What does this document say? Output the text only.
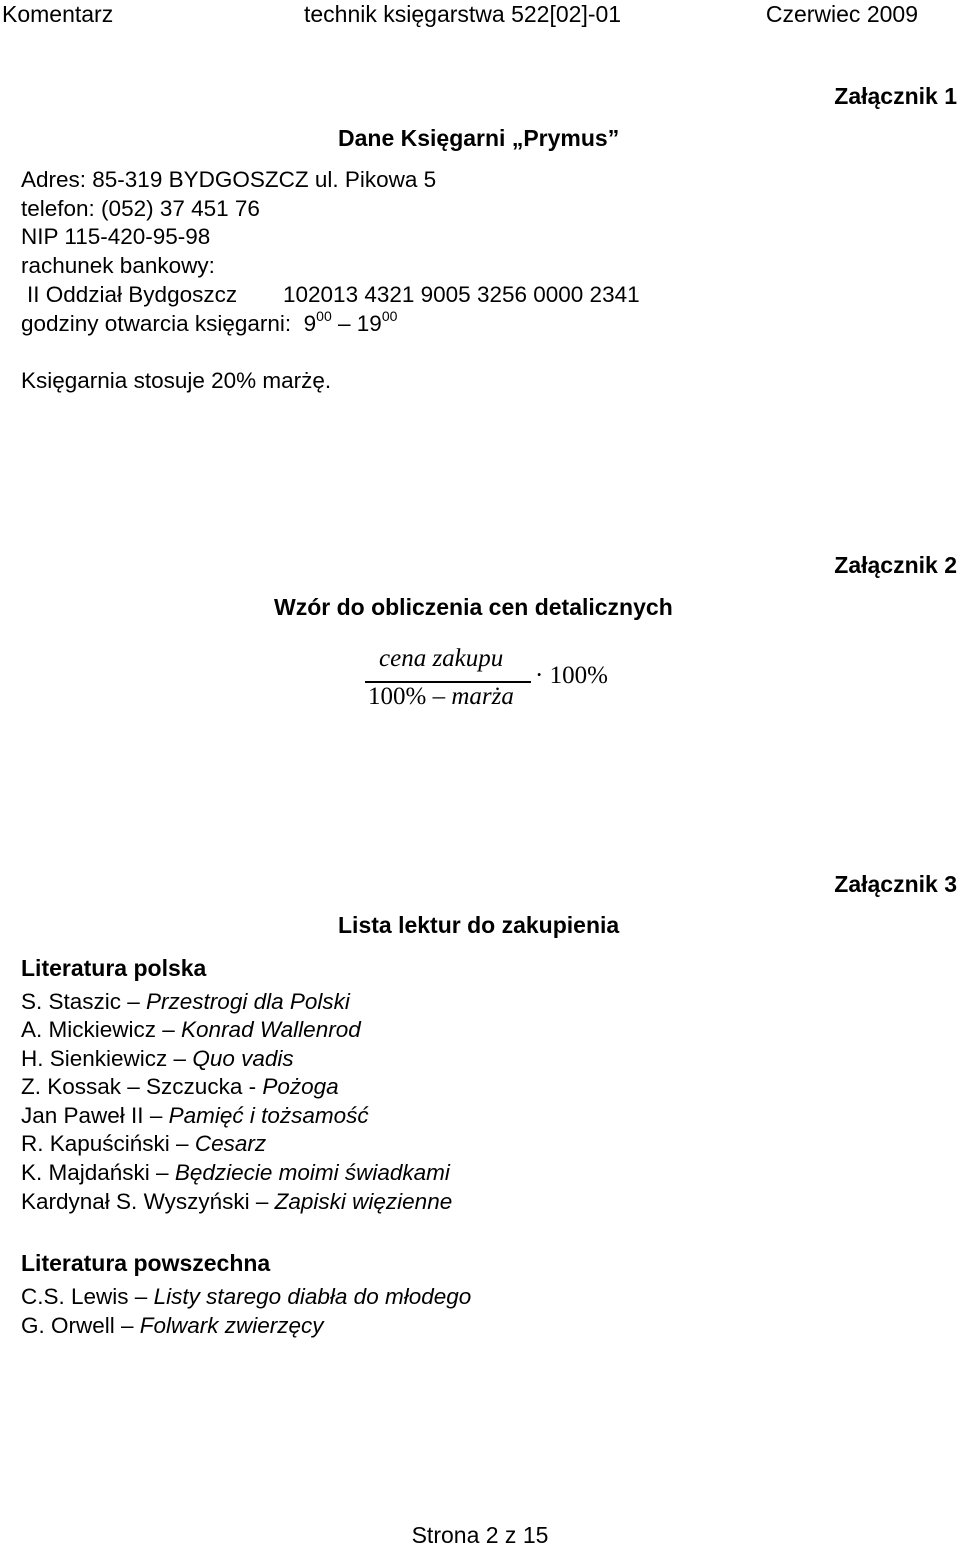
Komentarz	technik księgarstwa 522[02]-01	Czerwiec 2009
Załącznik 1
Dane Księgarni „Prymus”
Adres: 85-319 BYDGOSZCZ ul. Pikowa 5
telefon: (052) 37 451 76
NIP 115-420-95-98
rachunek bankowy:
II Oddział Bydgoszcz 102013 4321 9005 3256 0000 2341
godziny otwarcia księgarni: $9^{00} - 19^{00}$
Księgarnia stosuje 20% marżę.
Załącznik 2
Wzór do obliczenia cen detalicznych
cena zakupu
100% – marża
· 100%
Załącznik 3
Lista lektur do zakupienia
Literatura polska
S. Staszic – Przestrogi dla Polski
A. Mickiewicz – Konrad Wallenrod
H. Sienkiewicz – Quo vadis
Z. Kossak – Szczucka - Pożoga
Jan Paweł II – Pamięć i tożsamość
R. Kapuściński – Cesarz
K. Majdański – Będziecie moimi świadkami
Kardynał S. Wyszyński – Zapiski więzienne
Literatura powszechna
C.S. Lewis – Listy starego diabła do młodego
G. Orwell – Folwark zwierzęcy
Strona 2 z 15
